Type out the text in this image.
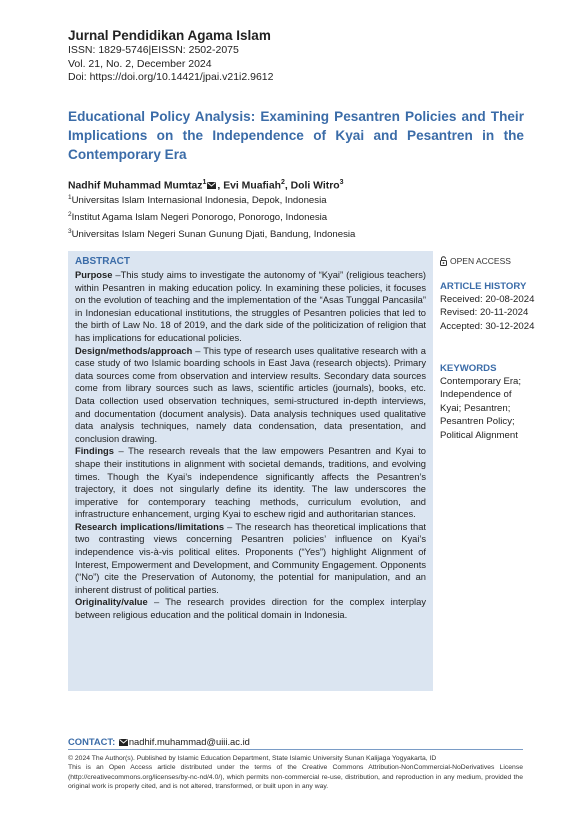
Jurnal Pendidikan Agama Islam
ISSN: 1829-5746|EISSN: 2502-2075
Vol. 21, No. 2, December 2024
Doi: https://doi.org/10.14421/jpai.v21i2.9612
Educational Policy Analysis: Examining Pesantren Policies and Their Implications on the Independence of Kyai and Pesantren in the Contemporary Era
Nadhif Muhammad Mumtaz$^1$ , Evi Muafiah$^2$, Doli Witro$^3$
$^1$Universitas Islam Internasional Indonesia, Depok, Indonesia
$^2$Institut Agama Islam Negeri Ponorogo, Ponorogo, Indonesia
$^3$Universitas Islam Negeri Sunan Gunung Djati, Bandung, Indonesia
ABSTRACT

Purpose –This study aims to investigate the autonomy of “Kyai” (religious teachers) within Pesantren in making education policy. In examining these policies, it focuses on the evolution of teaching and the implementation of the “Asas Tunggal Pancasila” in Indonesian educational institutions, the struggles of Pesantren policies that led to the birth of Law No. 18 of 2019, and the dark side of the politicization of religion that has implications for educational policies.

Design/methods/approach – This type of research uses qualitative research with a case study of two Islamic boarding schools in East Java (research objects). Primary data sources come from observation and interview results. Secondary data sources come from library sources such as laws, scientific articles (journals), books, etc. Data collection used observation techniques, semi-structured in-depth interviews, and documentation (document analysis). Data analysis techniques used qualitative data analysis techniques, namely data condensation, data presentation, and conclusion drawing.

Findings – The research reveals that the law empowers Pesantren and Kyai to shape their institutions in alignment with societal demands, traditions, and evolving times. Though the Kyai’s independence significantly affects the Pesantren’s trajectory, it does not singularly define its identity. The law underscores the imperative for contemporary teaching methods, curriculum evolution, and infrastructure enhancement, urging Kyai to eschew rigid and authoritarian stances.

Research implications/limitations – The research has theoretical implications that two contrasting views concerning Pesantren policies’ influence on Kyai’s independence vis-à-vis political elites. Proponents (“Yes”) highlight Alignment of Interest, Empowerment and Development, and Community Engagement. Opponents (“No”) cite the Preservation of Autonomy, the potential for manipulation, and an inherent distrust of political parties.

Originality/value – The research provides direction for the complex interplay between religious education and the political domain in Indonesia.

OPEN ACCESS
ARTICLE HISTORY
Received: 20-08-2024
Revised: 20-11-2024
Accepted: 30-12-2024
KEYWORDS
Contemporary Era;
Independence of
Kyai; Pesantren;
Pesantren Policy;
Political Alignment
CONTACT: nadhif.muhammad@uiii.ac.id
© 2024 The Author(s). Published by Islamic Education Department, State Islamic University Sunan Kalijaga Yogyakarta, ID
This is an Open Access article distributed under the terms of the Creative Commons Attribution-NonCommercial-NoDerivatives License (http://creativecommons.org/licenses/by-nc-nd/4.0/), which permits non-commercial re-use, distribution, and reproduction in any medium, provided the original work is properly cited, and is not altered, transformed, or built upon in any way.
